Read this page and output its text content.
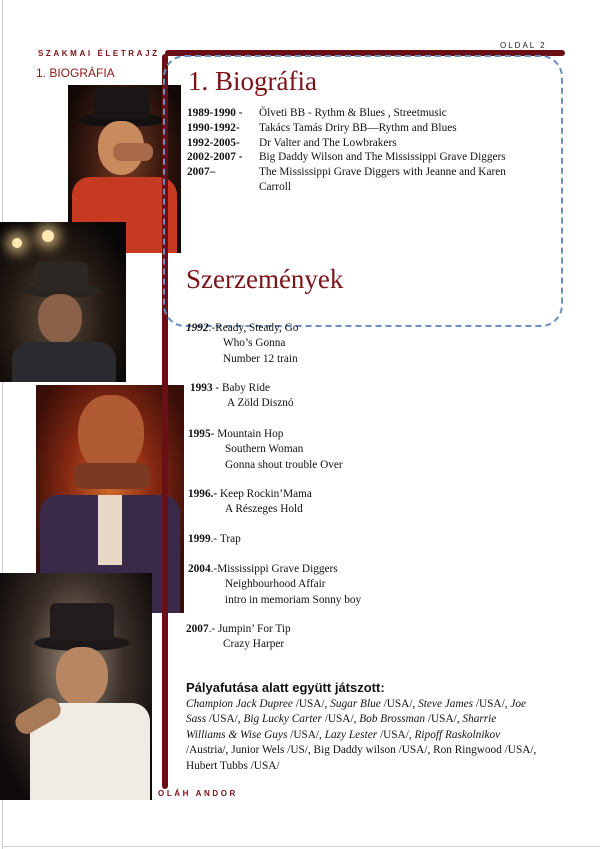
SZAKMAI ÉLETRAJZ
1. BIOGRÁFIA
OLDAL 2
OLÁH ANDOR
1. Biográfia
1989-1990 -	Ölveti BB - Rythm & Blues , Streetmusic
1990-1992-	Takács Tamás Driry BB—Rythm and Blues
1992-2005-	Dr Valter and The Lowbrakers
2002-2007 -	Big Daddy Wilson and The Mississippi Grave Diggers
2007–	The Mississippi Grave Diggers with Jeanne and Karen Carroll
Szerzemények
1992.-Ready, Steady, Go
Who’s Gonna
Number 12 train
1993 - Baby Ride
A Zöld Disznó
1995- Mountain Hop
Southern Woman
Gonna shout trouble Over
1996.- Keep Rockin’Mama
A Részeges Hold
1999.- Trap
2004.-Mississippi Grave Diggers
Neighbourhood Affair
intro in memoriam Sonny boy
2007.- Jumpin’ For Tip
Crazy Harper
Pályafutása alatt együtt játszott:

Champion Jack Dupree /USA/, Sugar Blue /USA/, Steve James /USA/, Joe Sass /USA/, Big Lucky Carter /USA/, Bob Brossman /USA/, Sharrie Williams & Wise Guys /USA/, Lazy Lester /USA/, Ripoff Raskolnikov /Austria/, Junior Wels /US/, Big Daddy wilson /USA/, Ron Ringwood /USA/, Hubert Tubbs /USA/
